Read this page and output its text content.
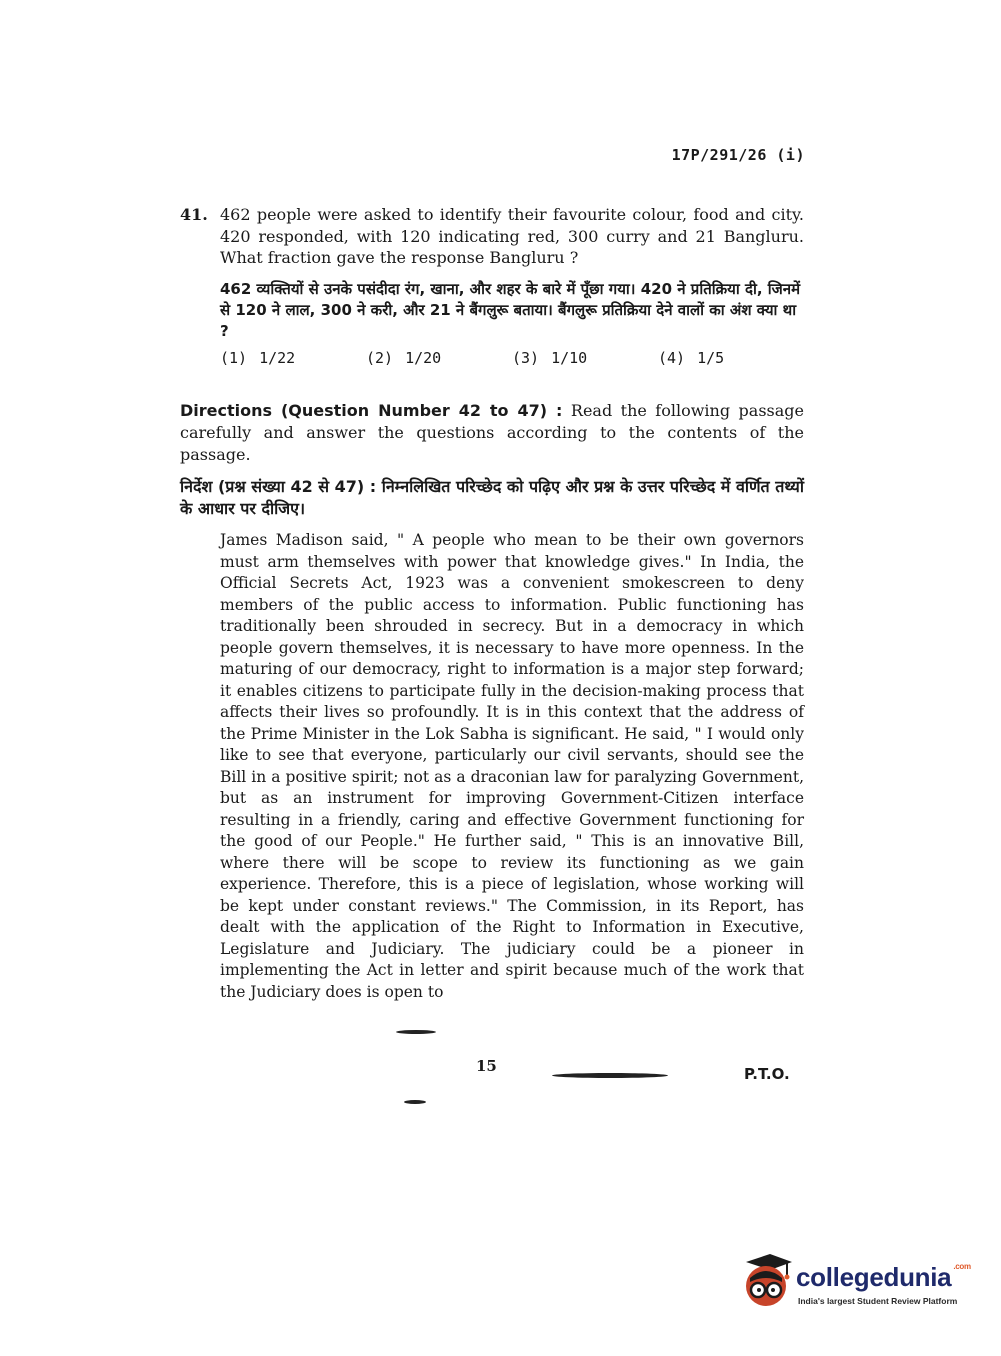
17P/291/26 (i)
41. 462 people were asked to identify their favourite colour, food and city. 420 responded, with 120 indicating red, 300 curry and 21 Bangluru. What fraction gave the response Bangluru ?
462 व्यक्तियों से उनके पसंदीदा रंग, खाना, और शहर के बारे में पूँछा गया। 420 ने प्रतिक्रिया दी, जिनमें से 120 ने लाल, 300 ने करी, और 21 ने बैंगलुरू बताया। बैंगलुरू प्रतिक्रिया देने वालों का अंश क्या था ?
(1) 1/22	(2) 1/20	(3) 1/10	(4) 1/5
Directions (Question Number 42 to 47) : Read the following passage carefully and answer the questions according to the contents of the passage.
निर्देश (प्रश्न संख्या 42 से 47) : निम्नलिखित परिच्छेद को पढ़िए और प्रश्न के उत्तर परिच्छेद में वर्णित तथ्यों के आधार पर दीजिए।
James Madison said, " A people who mean to be their own governors must arm themselves with power that knowledge gives." In India, the Official Secrets Act, 1923 was a convenient smokescreen to deny members of the public access to information. Public functioning has traditionally been shrouded in secrecy. But in a democracy in which people govern themselves, it is necessary to have more openness. In the maturing of our democracy, right to information is a major step forward; it enables citizens to participate fully in the decision-making process that affects their lives so profoundly. It is in this context that the address of the Prime Minister in the Lok Sabha is significant. He said, " I would only like to see that everyone, particularly our civil servants, should see the Bill in a positive spirit; not as a draconian law for paralyzing Government, but as an instrument for improving Government-Citizen interface resulting in a friendly, caring and effective Government functioning for the good of our People." He further said, " This is an innovative Bill, where there will be scope to review its functioning as we gain experience. Therefore, this is a piece of legislation, whose working will be kept under constant reviews." The Commission, in its Report, has dealt with the application of the Right to Information in Executive, Legislature and Judiciary. The judiciary could be a pioneer in implementing the Act in letter and spirit because much of the work that the Judiciary does is open to
15	P.T.O.
collegedunia $^{.com}$
India's largest Student Review Platform
